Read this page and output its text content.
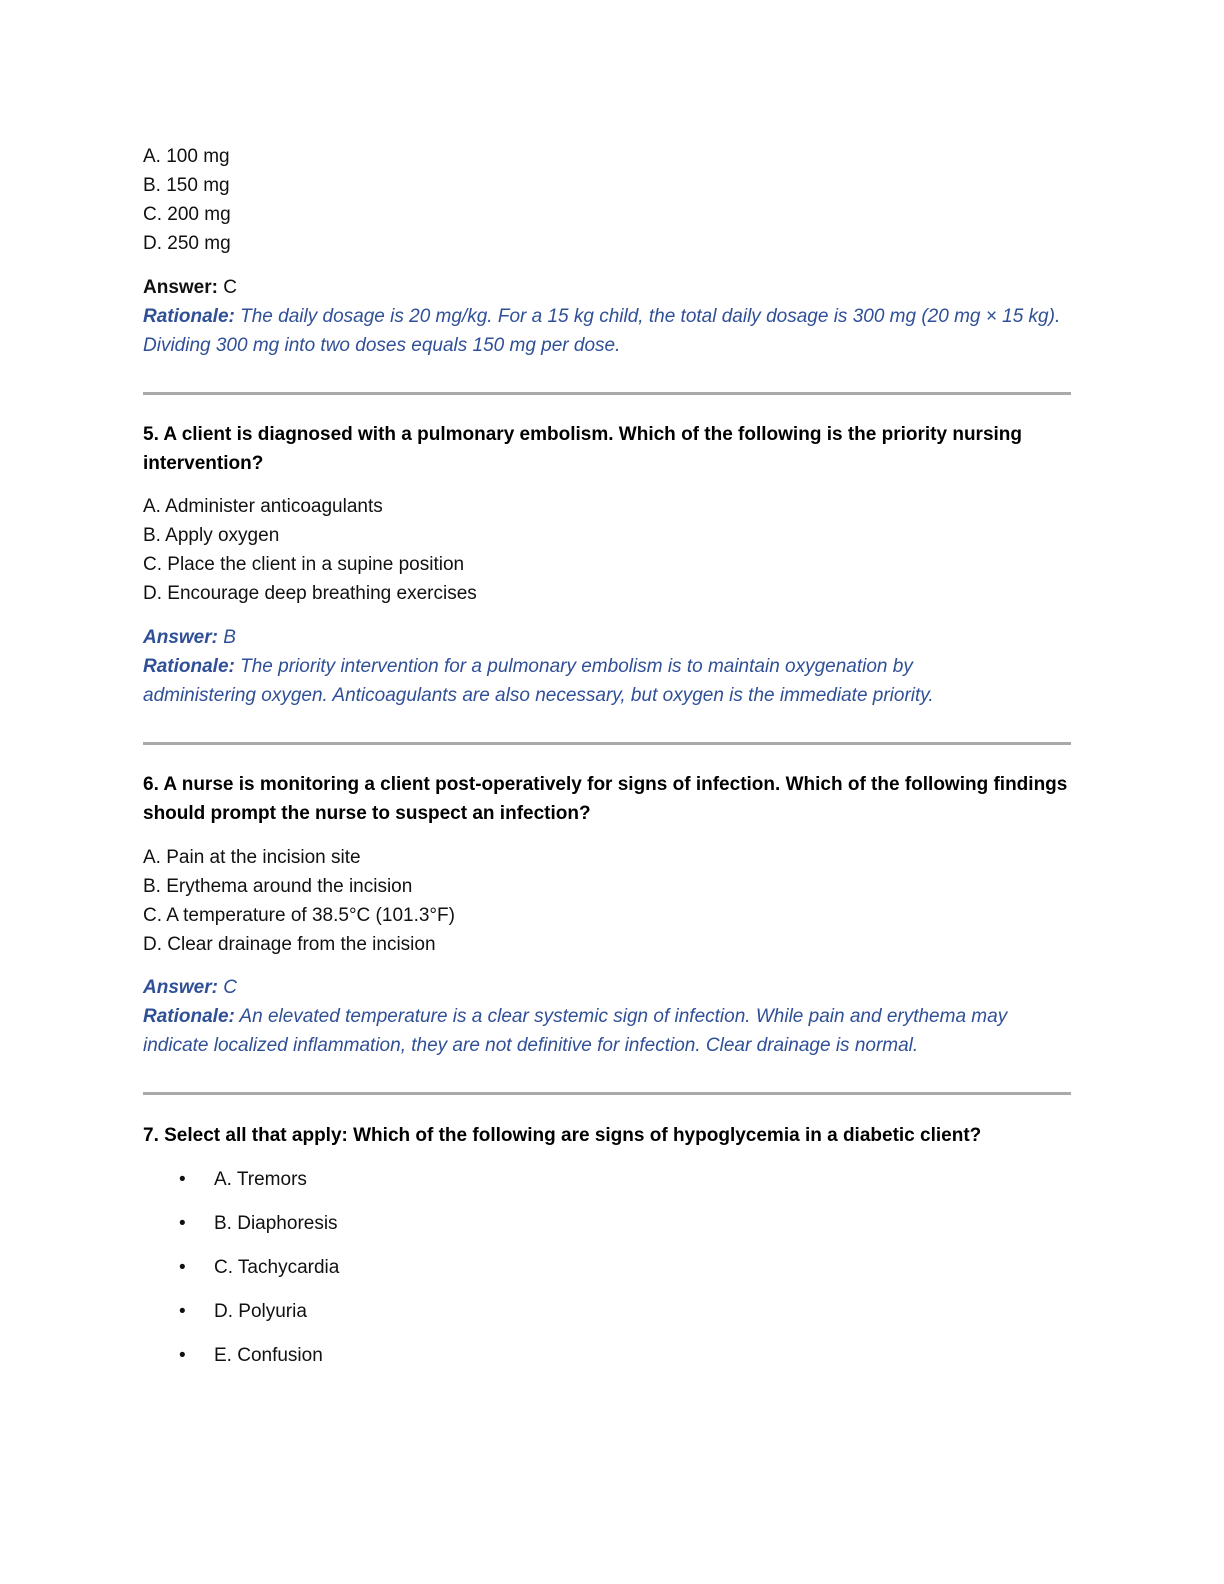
A. 100 mg
B. 150 mg
C. 200 mg
D. 250 mg
Answer: C
Rationale: The daily dosage is 20 mg/kg. For a 15 kg child, the total daily dosage is 300 mg (20 mg × 15 kg). Dividing 300 mg into two doses equals 150 mg per dose.
5. A client is diagnosed with a pulmonary embolism. Which of the following is the priority nursing intervention?
A. Administer anticoagulants
B. Apply oxygen
C. Place the client in a supine position
D. Encourage deep breathing exercises
Answer: B
Rationale: The priority intervention for a pulmonary embolism is to maintain oxygenation by administering oxygen. Anticoagulants are also necessary, but oxygen is the immediate priority.
6. A nurse is monitoring a client post-operatively for signs of infection. Which of the following findings should prompt the nurse to suspect an infection?
A. Pain at the incision site
B. Erythema around the incision
C. A temperature of 38.5°C (101.3°F)
D. Clear drainage from the incision
Answer: C
Rationale: An elevated temperature is a clear systemic sign of infection. While pain and erythema may indicate localized inflammation, they are not definitive for infection. Clear drainage is normal.
7. Select all that apply: Which of the following are signs of hypoglycemia in a diabetic client?
• A. Tremors
• B. Diaphoresis
• C. Tachycardia
• D. Polyuria
• E. Confusion
